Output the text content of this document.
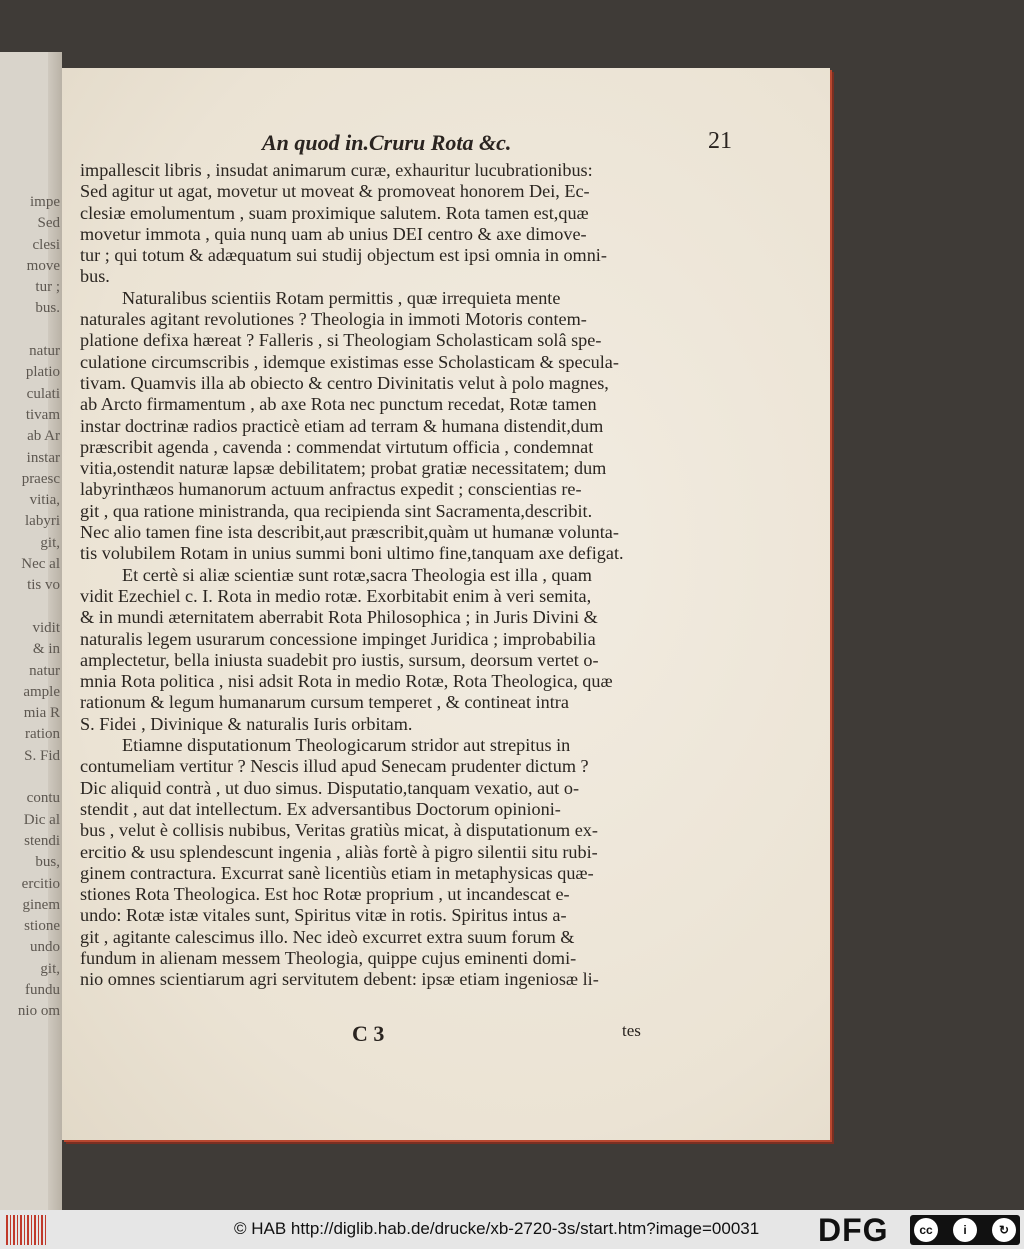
impe
Sed
clesi
move
tur ;
bus.
natur
platio
culati
tivam
ab Ar
instar
praesc
vitia,
labyri
git,
Nec al
tis vo
vidit
& in
natur
ample
mia R
ration
S. Fid
contu
Dic al
stendi
bus,
ercitio
ginem
stione
undo
git,
fundu
nio om
An quod in.Cruru Rota &c.	21
impallescit libris , insudat animarum curæ, exhauritur lucubrationibus:
Sed agitur ut agat, movetur ut moveat & promoveat honorem Dei, Ec-
clesiæ emolumentum , suam proximique salutem. Rota tamen est,quæ
movetur immota , quia nunq uam ab unius DEI centro & axe dimove-
tur ; qui totum & adæquatum sui studij objectum est ipsi omnia in omni-
bus.
Naturalibus scientiis Rotam permittis , quæ irrequieta mente
naturales agitant revolutiones ? Theologia in immoti Motoris contem-
platione defixa hæreat ? Falleris , si Theologiam Scholasticam solâ spe-
culatione circumscribis , idemque existimas esse Scholasticam & specula-
tivam. Quamvis illa ab obiecto & centro Divinitatis velut à polo magnes,
ab Arcto firmamentum , ab axe Rota nec punctum recedat, Rotæ tamen
instar doctrinæ radios practicè etiam ad terram & humana distendit,dum
præscribit agenda , cavenda : commendat virtutum officia , condemnat
vitia,ostendit naturæ lapsæ debilitatem; probat gratiæ necessitatem; dum
labyrinthæos humanorum actuum anfractus expedit ; conscientias re-
git , qua ratione ministranda, qua recipienda sint Sacramenta,describit.
Nec alio tamen fine ista describit,aut præscribit,quàm ut humanæ volunta-
tis volubilem Rotam in unius summi boni ultimo fine,tanquam axe defigat.
Et certè si aliæ scientiæ sunt rotæ,sacra Theologia est illa , quam
vidit Ezechiel c. I. Rota in medio rotæ. Exorbitabit enim à veri semita,
& in mundi æternitatem aberrabit Rota Philosophica ; in Juris Divini &
naturalis legem usurarum concessione impinget Juridica ; improbabilia
amplectetur, bella iniusta suadebit pro iustis, sursum, deorsum vertet o-
mnia Rota politica , nisi adsit Rota in medio Rotæ, Rota Theologica, quæ
rationum & legum humanarum cursum temperet , & contineat intra
S. Fidei , Divinique & naturalis Iuris orbitam.
Etiamne disputationum Theologicarum stridor aut strepitus in
contumeliam vertitur ? Nescis illud apud Senecam prudenter dictum ?
Dic aliquid contrà , ut duo simus. Disputatio,tanquam vexatio, aut o-
stendit , aut dat intellectum. Ex adversantibus Doctorum opinioni-
bus , velut è collisis nubibus, Veritas gratiùs micat, à disputationum ex-
ercitio & usu splendescunt ingenia , aliàs fortè à pigro silentii situ rubi-
ginem contractura. Excurrat sanè licentiùs etiam in metaphysicas quæ-
stiones Rota Theologica. Est hoc Rotæ proprium , ut incandescat e-
undo: Rotæ istæ vitales sunt, Spiritus vitæ in rotis. Spiritus intus a-
git , agitante calescimus illo. Nec ideò excurret extra suum forum &
fundum in alienam messem Theologia, quippe cujus eminenti domi-
nio omnes scientiarum agri servitutem debent: ipsæ etiam ingeniosæ li-
C 3	tes
© HAB http://diglib.hab.de/drucke/xb-2720-3s/start.htm?image=00031 DFG	cc	i	↻
